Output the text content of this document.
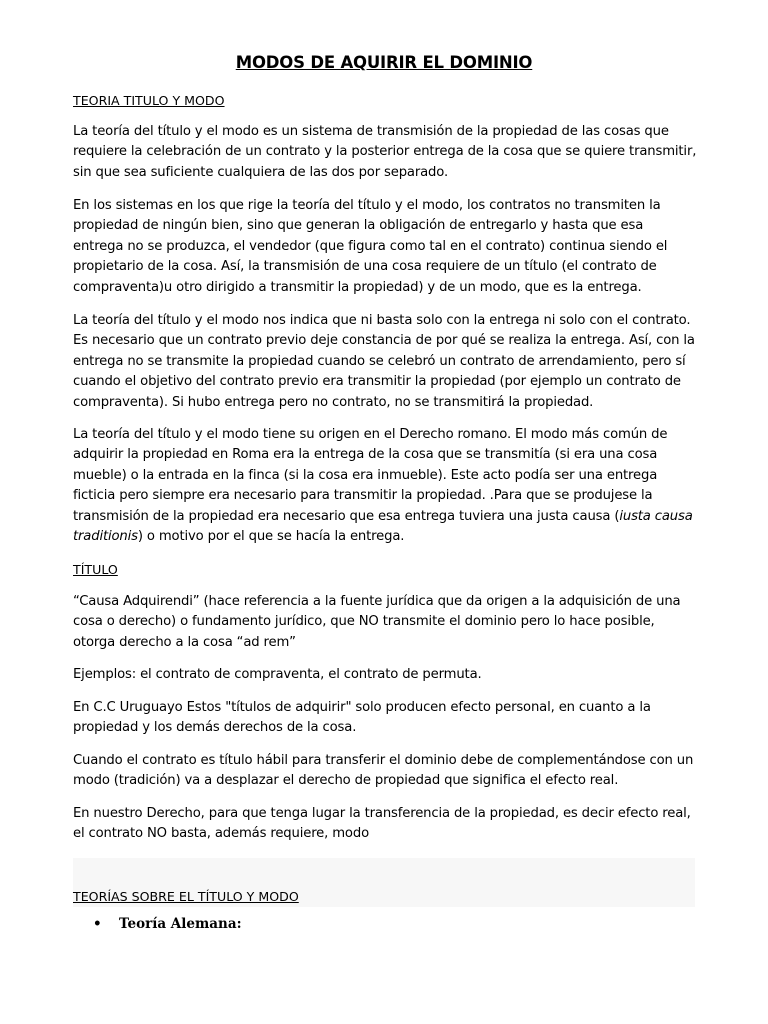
MODOS DE AQUIRIR EL DOMINIO
TEORIA TITULO Y MODO

La teoría del título y el modo es un sistema de transmisión de la propiedad de las cosas que requiere la celebración de un contrato y la posterior entrega de la cosa que se quiere transmitir, sin que sea suficiente cualquiera de las dos por separado.

En los sistemas en los que rige la teoría del título y el modo, los contratos no transmiten la propiedad de ningún bien, sino que generan la obligación de entregarlo y hasta que esa entrega no se produzca, el vendedor (que figura como tal en el contrato) continua siendo el propietario de la cosa. Así, la transmisión de una cosa requiere de un título (el contrato de compraventa)u otro dirigido a transmitir la propiedad) y de un modo, que es la entrega.

La teoría del título y el modo nos indica que ni basta solo con la entrega ni solo con el contrato. Es necesario que un contrato previo deje constancia de por qué se realiza la entrega. Así, con la entrega no se transmite la propiedad cuando se celebró un contrato de arrendamiento, pero sí cuando el objetivo del contrato previo era transmitir la propiedad (por ejemplo un contrato de compraventa). Si hubo entrega pero no contrato, no se transmitirá la propiedad.

La teoría del título y el modo tiene su origen en el Derecho romano. El modo más común de adquirir la propiedad en Roma era la entrega de la cosa que se transmitía (si era una cosa mueble) o la entrada en la finca (si la cosa era inmueble). Este acto podía ser una entrega ficticia pero siempre era necesario para transmitir la propiedad. .Para que se produjese la transmisión de la propiedad era necesario que esa entrega tuviera una justa causa (iusta causa traditionis) o motivo por el que se hacía la entrega.

TÍTULO

“Causa Adquirendi” (hace referencia a la fuente jurídica que da origen a la adquisición de una cosa o derecho) o fundamento jurídico, que NO transmite el dominio pero lo hace posible, otorga derecho a la cosa “ad rem”

Ejemplos: el contrato de compraventa, el contrato de permuta.

En C.C Uruguayo Estos "títulos de adquirir" solo producen efecto personal, en cuanto a la propiedad y los demás derechos de la cosa.

Cuando el contrato es título hábil para transferir el dominio debe de complementándose con un modo (tradición) va a desplazar el derecho de propiedad que significa el efecto real.

En nuestro Derecho, para que tenga lugar la transferencia de la propiedad, es decir efecto real, el contrato NO basta, además requiere, modo

TEORÍAS SOBRE EL TÍTULO Y MODO
• Teoría Alemana:
